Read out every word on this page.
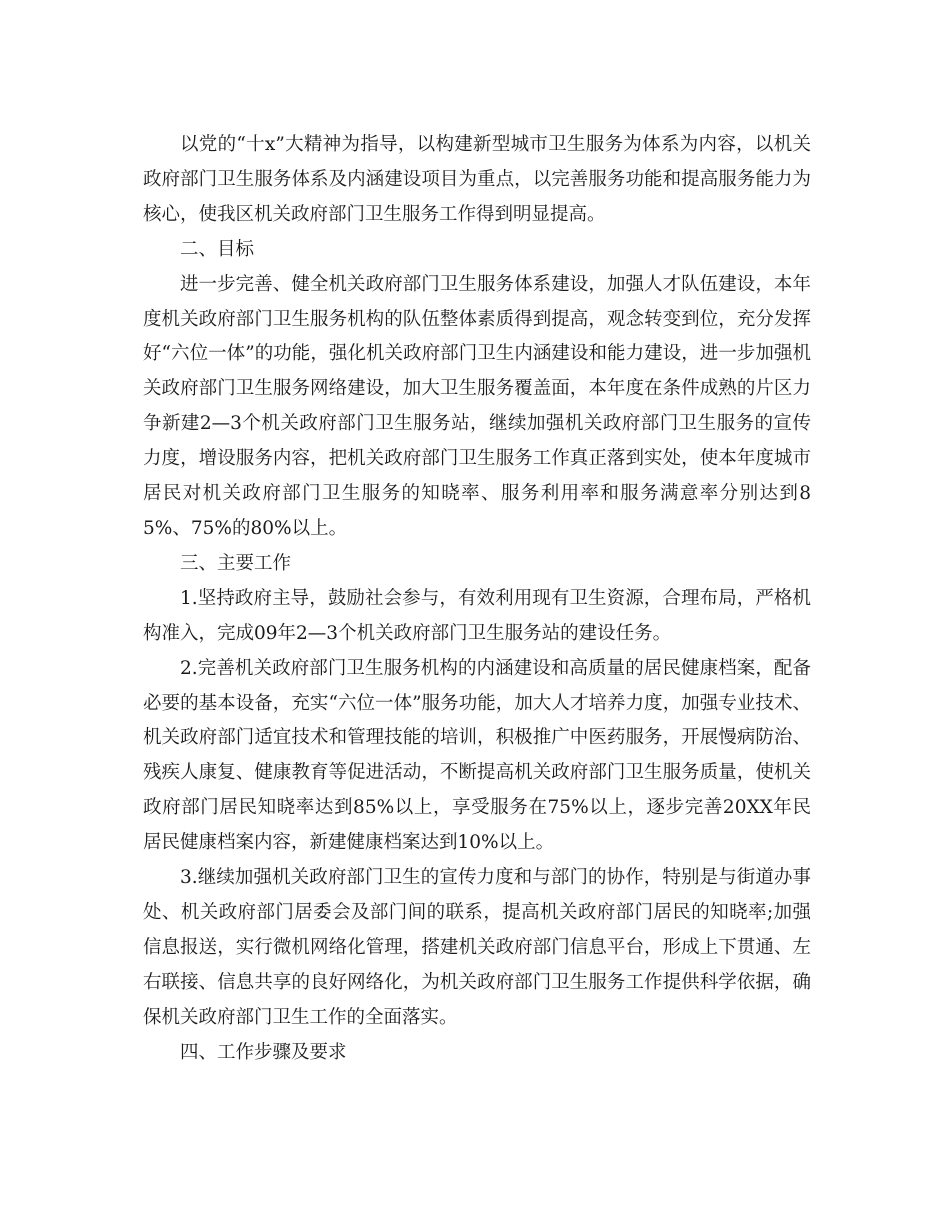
以党的“十x”大精神为指导，以构建新型城市卫生服务为体系为内容，以机关政府部门卫生服务体系及内涵建设项目为重点，以完善服务功能和提高服务能力为核心，使我区机关政府部门卫生服务工作得到明显提高。

二、目标

进一步完善、健全机关政府部门卫生服务体系建设，加强人才队伍建设，本年度机关政府部门卫生服务机构的队伍整体素质得到提高，观念转变到位，充分发挥好“六位一体”的功能，强化机关政府部门卫生内涵建设和能力建设，进一步加强机关政府部门卫生服务网络建设，加大卫生服务覆盖面，本年度在条件成熟的片区力争新建2—3个机关政府部门卫生服务站，继续加强机关政府部门卫生服务的宣传力度，增设服务内容，把机关政府部门卫生服务工作真正落到实处，使本年度城市居民对机关政府部门卫生服务的知晓率、服务利用率和服务满意率分别达到85%、75%的80%以上。

三、主要工作

1.坚持政府主导，鼓励社会参与，有效利用现有卫生资源，合理布局，严格机构准入，完成09年2—3个机关政府部门卫生服务站的建设任务。

2.完善机关政府部门卫生服务机构的内涵建设和高质量的居民健康档案，配备必要的基本设备，充实“六位一体”服务功能，加大人才培养力度，加强专业技术、机关政府部门适宜技术和管理技能的培训，积极推广中医药服务，开展慢病防治、残疾人康复、健康教育等促进活动，不断提高机关政府部门卫生服务质量，使机关政府部门居民知晓率达到85%以上，享受服务在75%以上，逐步完善20XX年民居民健康档案内容，新建健康档案达到10%以上。

3.继续加强机关政府部门卫生的宣传力度和与部门的协作，特别是与街道办事处、机关政府部门居委会及部门间的联系，提高机关政府部门居民的知晓率;加强信息报送，实行微机网络化管理，搭建机关政府部门信息平台，形成上下贯通、左右联接、信息共享的良好网络化，为机关政府部门卫生服务工作提供科学依据，确保机关政府部门卫生工作的全面落实。

四、工作步骤及要求
